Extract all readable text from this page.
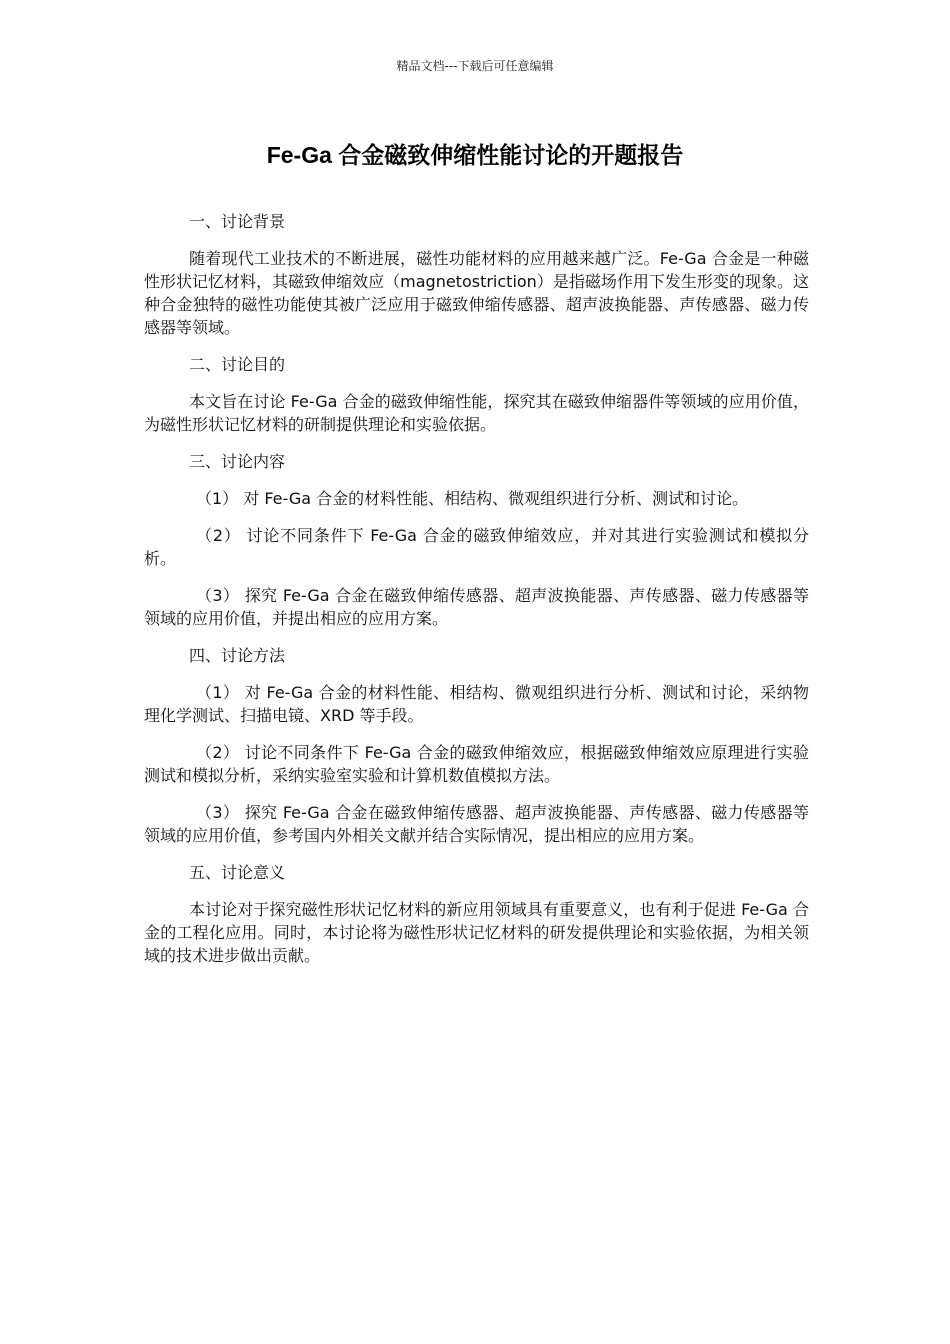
精品文档---下载后可任意编辑
Fe-Ga 合金磁致伸缩性能讨论的开题报告
一、讨论背景
随着现代工业技术的不断进展，磁性功能材料的应用越来越广泛。Fe-Ga 合金是一种磁性形状记忆材料，其磁致伸缩效应（magnetostriction）是指磁场作用下发生形变的现象。这种合金独特的磁性功能使其被广泛应用于磁致伸缩传感器、超声波换能器、声传感器、磁力传感器等领域。
二、讨论目的
本文旨在讨论 Fe-Ga 合金的磁致伸缩性能，探究其在磁致伸缩器件等领域的应用价值，为磁性形状记忆材料的研制提供理论和实验依据。
三、讨论内容
（1） 对 Fe-Ga 合金的材料性能、相结构、微观组织进行分析、测试和讨论。
（2） 讨论不同条件下 Fe-Ga 合金的磁致伸缩效应，并对其进行实验测试和模拟分析。
（3） 探究 Fe-Ga 合金在磁致伸缩传感器、超声波换能器、声传感器、磁力传感器等领域的应用价值，并提出相应的应用方案。
四、讨论方法
（1） 对 Fe-Ga 合金的材料性能、相结构、微观组织进行分析、测试和讨论，采纳物理化学测试、扫描电镜、XRD 等手段。
（2） 讨论不同条件下 Fe-Ga 合金的磁致伸缩效应，根据磁致伸缩效应原理进行实验测试和模拟分析，采纳实验室实验和计算机数值模拟方法。
（3） 探究 Fe-Ga 合金在磁致伸缩传感器、超声波换能器、声传感器、磁力传感器等领域的应用价值，参考国内外相关文献并结合实际情况，提出相应的应用方案。
五、讨论意义
本讨论对于探究磁性形状记忆材料的新应用领域具有重要意义，也有利于促进 Fe-Ga 合金的工程化应用。同时，本讨论将为磁性形状记忆材料的研发提供理论和实验依据，为相关领域的技术进步做出贡献。
